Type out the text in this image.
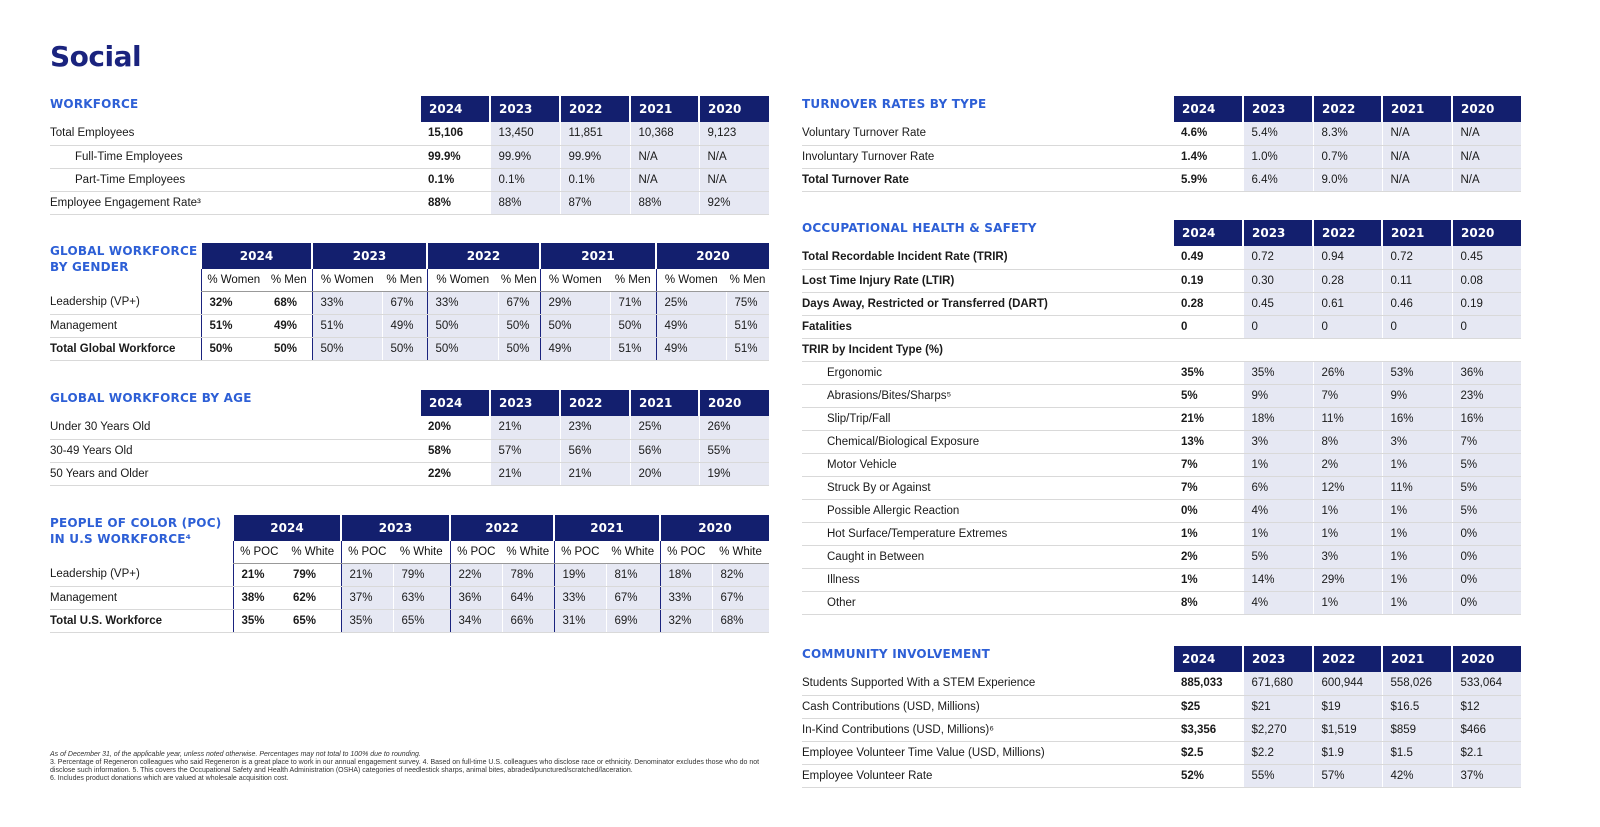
Social
WORKFORCE
		2024	2023	2022	2021	2020
Total Employees	15,106	13,450	11,851	10,368	9,123
Full-Time Employees	99.9%	99.9%	99.9%	N/A	N/A
Part-Time Employees	0.1%	0.1%	0.1%	N/A	N/A
Employee Engagement Rate³	88%	88%	87%	88%	92%
GLOBAL WORKFORCE
BY GENDER
	2024		2023		2022		2021		2020	
	% Women	% Men	% Women	% Men	% Women	% Men	% Women	% Men	% Women	% Men
Leadership (VP+)	32%	68%	33%	67%	33%	67%	29%	71%	25%	75%
Management	51%	49%	51%	49%	50%	50%	50%	50%	49%	51%
Total Global Workforce	50%	50%	50%	50%	50%	50%	49%	51%	49%	51%
GLOBAL WORKFORCE BY AGE
		2024	2023	2022	2021	2020
Under 30 Years Old	20%	21%	23%	25%	26%
30-49 Years Old	58%	57%	56%	56%	55%
50 Years and Older	22%	21%	21%	20%	19%
PEOPLE OF COLOR (POC)
IN U.S WORKFORCE⁴
	2024		2023		2022		2021		2020	
	% POC	% White	% POC	% White	% POC	% White	% POC	% White	% POC	% White
Leadership (VP+)	21%	79%	21%	79%	22%	78%	19%	81%	18%	82%
Management	38%	62%	37%	63%	36%	64%	33%	67%	33%	67%
Total U.S. Workforce	35%	65%	35%	65%	34%	66%	31%	69%	32%	68%
TURNOVER RATES BY TYPE
		2024	2023	2022	2021	2020
Voluntary Turnover Rate	4.6%	5.4%	8.3%	N/A	N/A
Involuntary Turnover Rate	1.4%	1.0%	0.7%	N/A	N/A
Total Turnover Rate	5.9%	6.4%	9.0%	N/A	N/A
OCCUPATIONAL HEALTH & SAFETY
		2024	2023	2022	2021	2020
Total Recordable Incident Rate (TRIR)	0.49	0.72	0.94	0.72	0.45
Lost Time Injury Rate (LTIR)	0.19	0.30	0.28	0.11	0.08
Days Away, Restricted or Transferred (DART)	0.28	0.45	0.61	0.46	0.19
Fatalities	0	0	0	0	0
TRIR by Incident Type (%)					
Ergonomic	35%	35%	26%	53%	36%
Abrasions/Bites/Sharps⁵	5%	9%	7%	9%	23%
Slip/Trip/Fall	21%	18%	11%	16%	16%
Chemical/Biological Exposure	13%	3%	8%	3%	7%
Motor Vehicle	7%	1%	2%	1%	5%
Struck By or Against	7%	6%	12%	11%	5%
Possible Allergic Reaction	0%	4%	1%	1%	5%
Hot Surface/Temperature Extremes	1%	1%	1%	1%	0%
Caught in Between	2%	5%	3%	1%	0%
Illness	1%	14%	29%	1%	0%
Other	8%	4%	1%	1%	0%
COMMUNITY INVOLVEMENT
		2024	2023	2022	2021	2020
Students Supported With a STEM Experience	885,033	671,680	600,944	558,026	533,064
Cash Contributions (USD, Millions)	$25	$21	$19	$16.5	$12
In-Kind Contributions (USD, Millions)⁶	$3,356	$2,270	$1,519	$859	$466
Employee Volunteer Time Value (USD, Millions)	$2.5	$2.2	$1.9	$1.5	$2.1
Employee Volunteer Rate	52%	55%	57%	42%	37%
As of December 31, of the applicable year, unless noted otherwise. Percentages may not total to 100% due to rounding.
3. Percentage of Regeneron colleagues who said Regeneron is a great place to work in our annual engagement survey. 4. Based on full-time U.S. colleagues who disclose race or ethnicity. Denominator excludes those who do not disclose such information. 5. This covers the Occupational Safety and Health Administration (OSHA) categories of needlestick sharps, animal bites, abraded/punctured/scratched/laceration.
6. Includes product donations which are valued at wholesale acquisition cost.
